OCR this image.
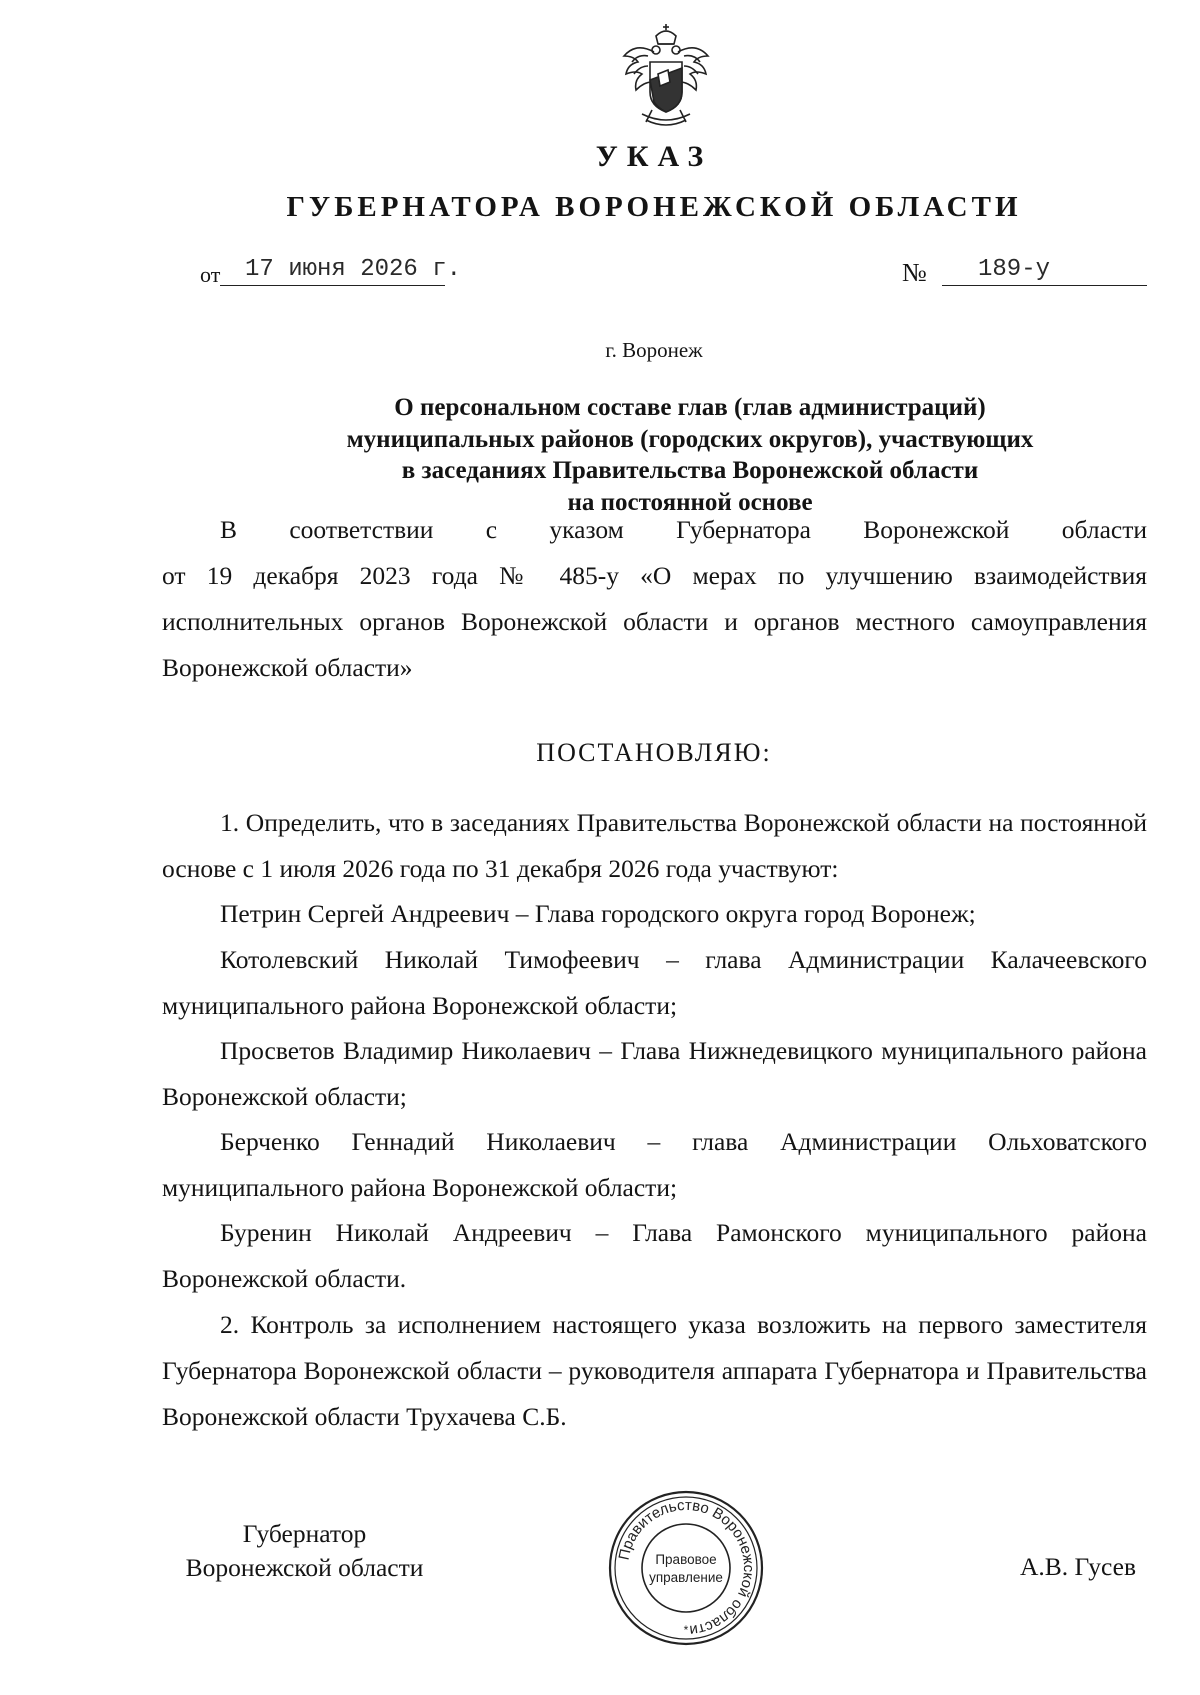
УКАЗ
ГУБЕРНАТОРА ВОРОНЕЖСКОЙ ОБЛАСТИ
от 17 июня 2026 г.	№ 189-у
г. Воронеж
О персональном составе глав (глав администраций)
муниципальных районов (городских округов), участвующих
в заседаниях Правительства Воронежской области
на постоянной основе
В соответствии с указом Губернатора Воронежской области
от 19 декабря 2023 года № 485-у «О мерах по улучшению взаимодействия исполнительных органов Воронежской области и органов местного самоуправления Воронежской области»
ПОСТАНОВЛЯЮ:
1. Определить, что в заседаниях Правительства Воронежской области на постоянной основе с 1 июля 2026 года по 31 декабря 2026 года участвуют:
Петрин Сергей Андреевич – Глава городского округа город Воронеж;
Котолевский Николай Тимофеевич – глава Администрации Калачеевского муниципального района Воронежской области;
Просветов Владимир Николаевич – Глава Нижнедевицкого муниципального района Воронежской области;
Берченко Геннадий Николаевич – глава Администрации Ольховатского муниципального района Воронежской области;
Буренин Николай Андреевич – Глава Рамонского муниципального района Воронежской области.
2. Контроль за исполнением настоящего указа возложить на первого заместителя Губернатора Воронежской области – руководителя аппарата Губернатора и Правительства Воронежской области Трухачева С.Б.
Губернатор
Воронежской области	Правительство Воронежской области
Правовое
управление
*
А.В. Гусев
